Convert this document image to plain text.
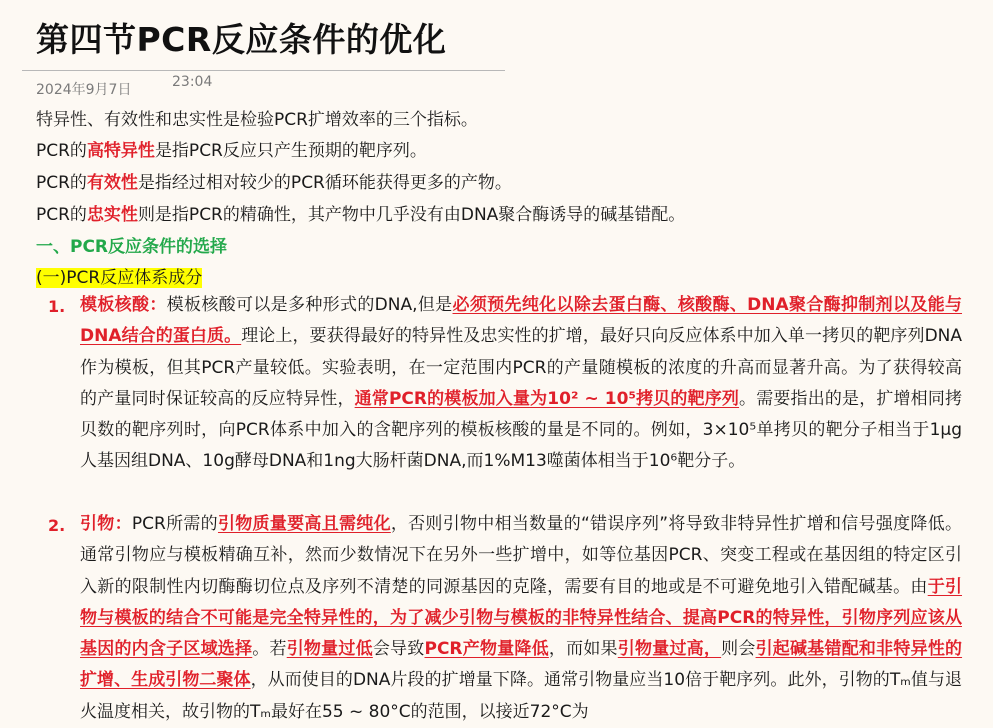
第四节PCR反应条件的优化
2024年9月7日	23:04
特异性、有效性和忠实性是检验PCR扩增效率的三个指标。
PCR的高特异性是指PCR反应只产生预期的靶序列。
PCR的有效性是指经过相对较少的PCR循环能获得更多的产物。
PCR的忠实性则是指PCR的精确性，其产物中几乎没有由DNA聚合酶诱导的碱基错配。
一、PCR反应条件的选择
(一)PCR反应体系成分
1. 模板核酸：模板核酸可以是多种形式的DNA,但是必须预先纯化以除去蛋白酶、核酸酶、DNA聚合酶抑制剂以及能与DNA结合的蛋白质。理论上，要获得最好的特异性及忠实性的扩增，最好只向反应体系中加入单一拷贝的靶序列DNA作为模板，但其PCR产量较低。实验表明，在一定范围内PCR的产量随模板的浓度的升高而显著升高。为了获得较高的产量同时保证较高的反应特异性，通常PCR的模板加入量为10² ~ 10⁵拷贝的靶序列。需要指出的是，扩增相同拷贝数的靶序列时，向PCR体系中加入的含靶序列的模板核酸的量是不同的。例如，3×10⁵单拷贝的靶分子相当于1μg人基因组DNA、10g酵母DNA和1ng大肠杆菌DNA,而1%M13噬菌体相当于10⁶靶分子。
2. 引物：PCR所需的引物质量要高且需纯化，否则引物中相当数量的“错误序列”将导致非特异性扩增和信号强度降低。通常引物应与模板精确互补，然而少数情况下在另外一些扩增中，如等位基因PCR、突变工程或在基因组的特定区引入新的限制性内切酶酶切位点及序列不清楚的同源基因的克隆，需要有目的地或是不可避免地引入错配碱基。由于引物与模板的结合不可能是完全特异性的，为了减少引物与模板的非特异性结合、提高PCR的特异性，引物序列应该从基因的内含子区域选择。若引物量过低会导致PCR产物量降低，而如果引物量过高，则会引起碱基错配和非特异性的扩增、生成引物二聚体，从而使目的DNA片段的扩增量下降。通常引物量应当10倍于靶序列。此外，引物的Tₘ值与退火温度相关，故引物的Tₘ最好在55 ~ 80°C的范围，以接近72°C为
